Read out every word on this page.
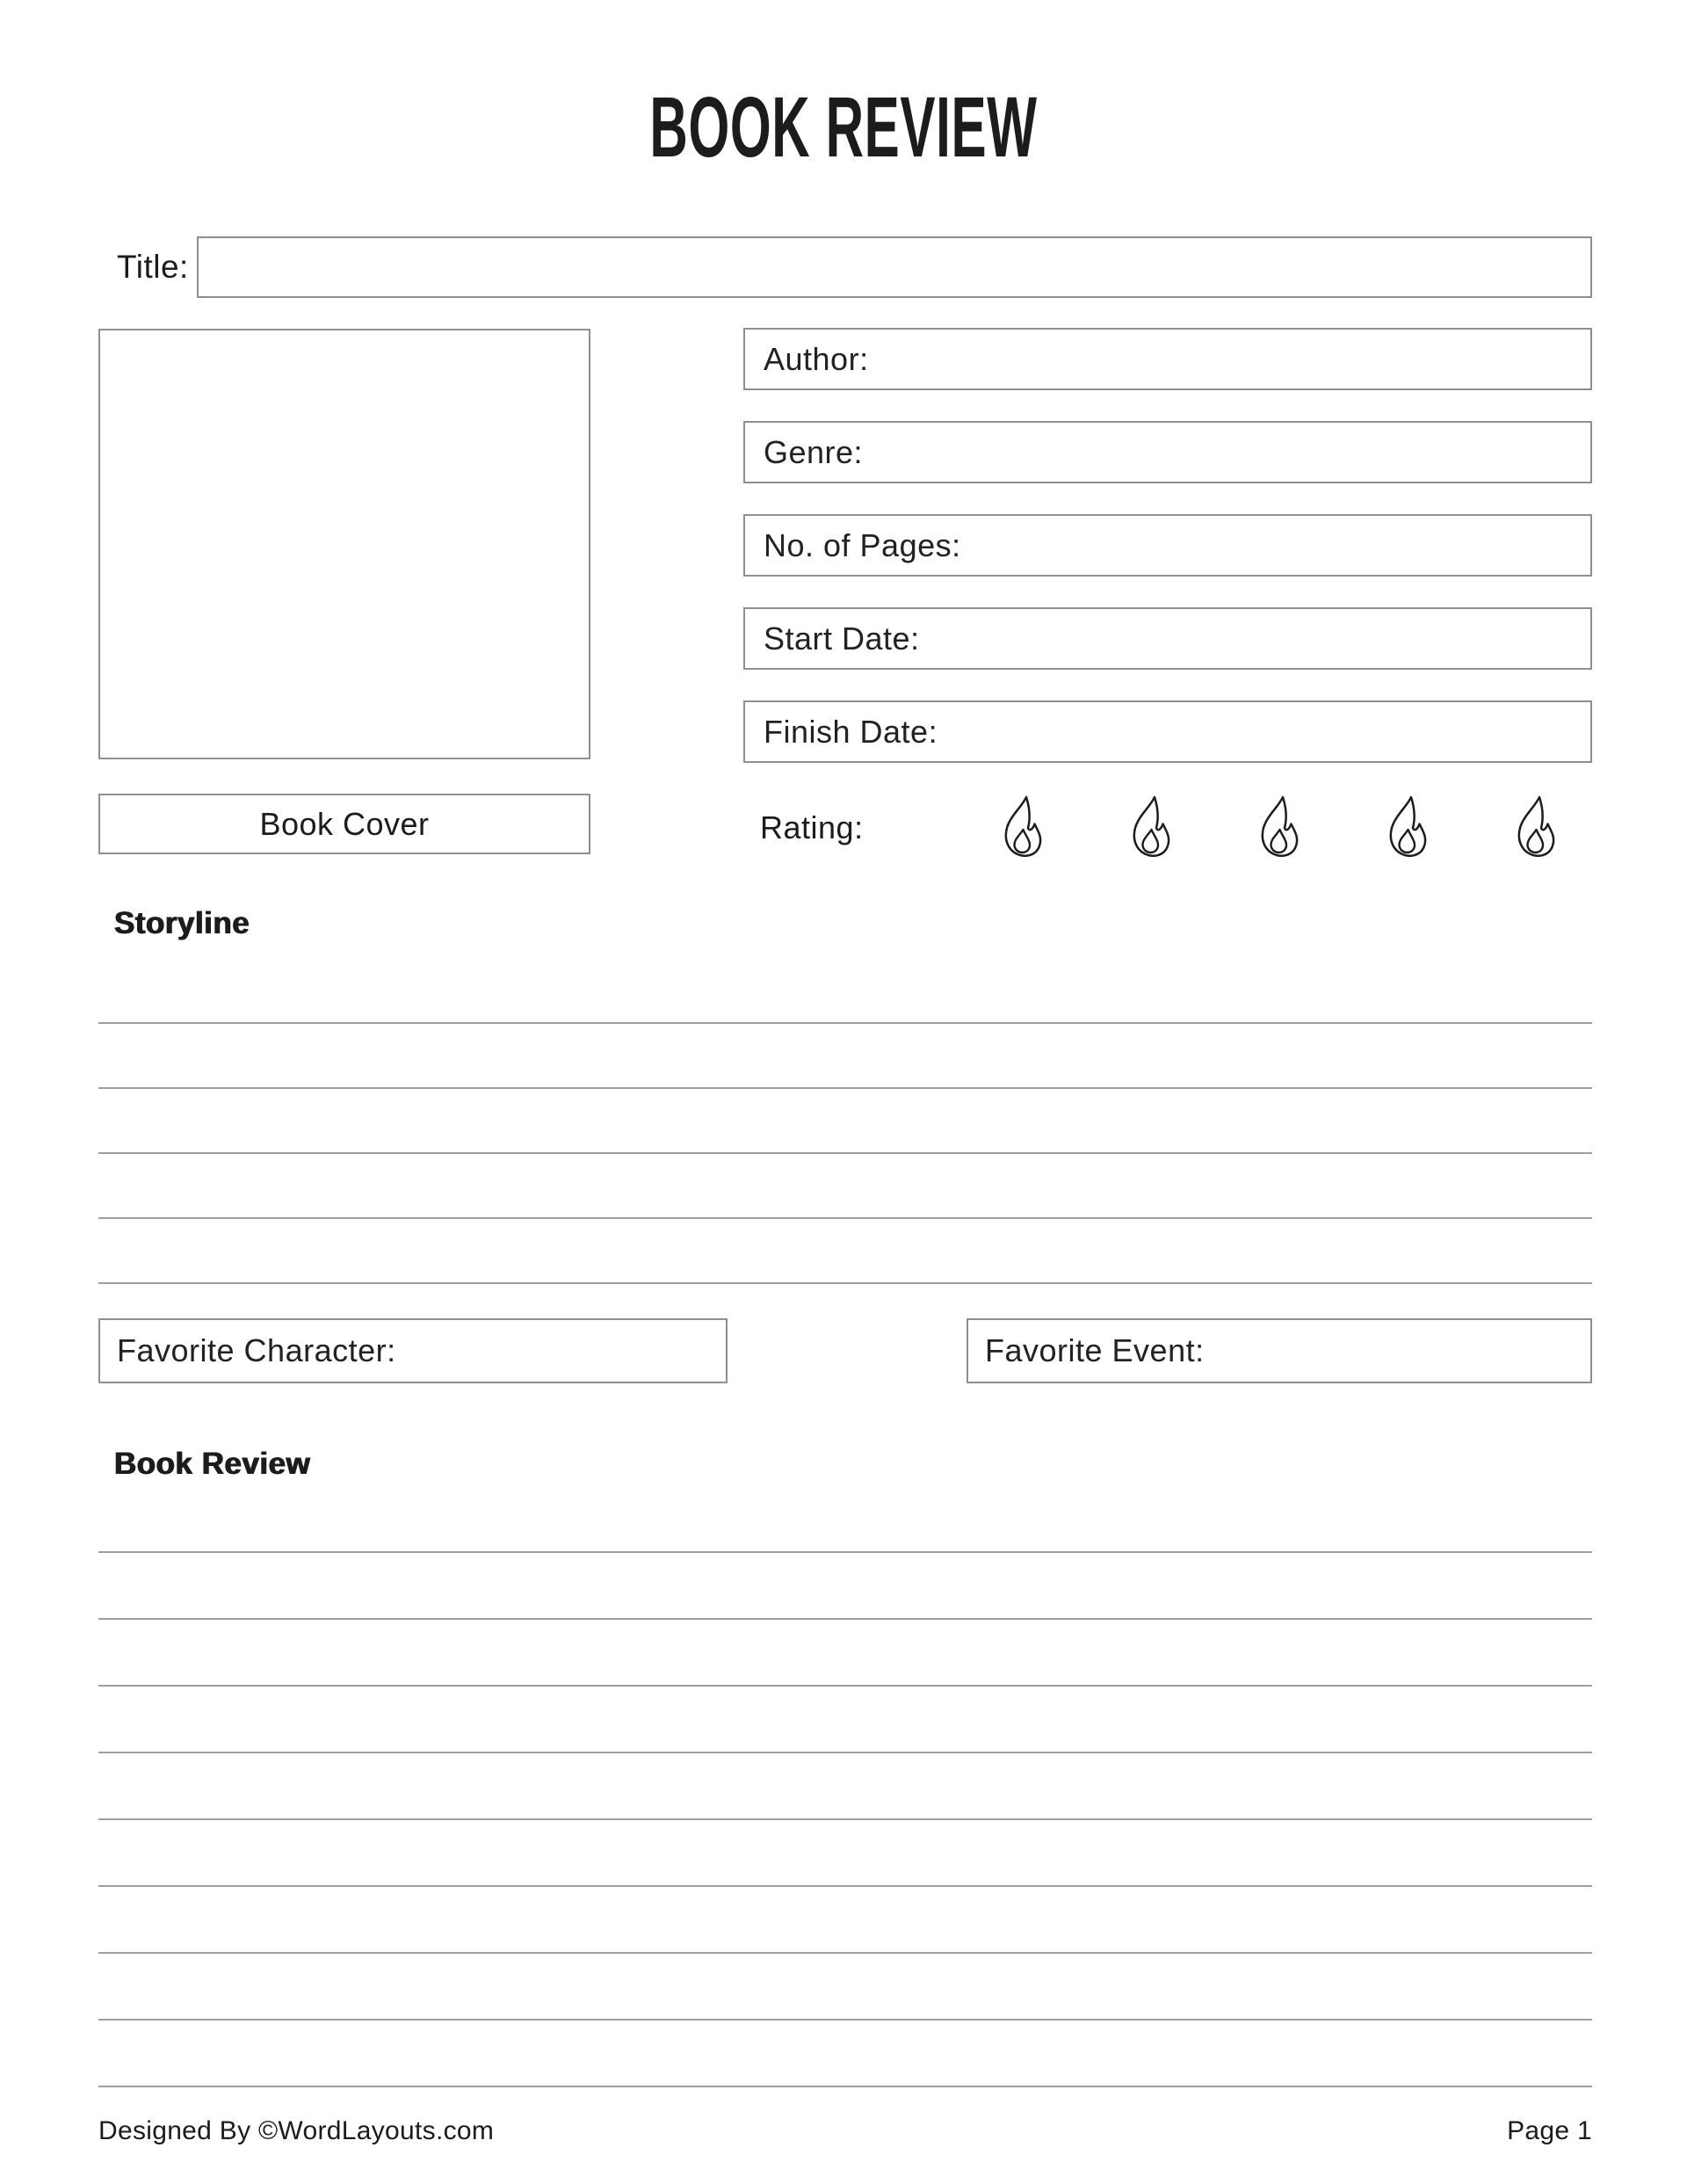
BOOK REVIEW
Title:
Book Cover
Author:
Genre:
No. of Pages:
Start Date:
Finish Date:
Rating:
Storyline
Favorite Character:	Favorite Event:
Book Review
Designed By ©WordLayouts.com	Page 1
